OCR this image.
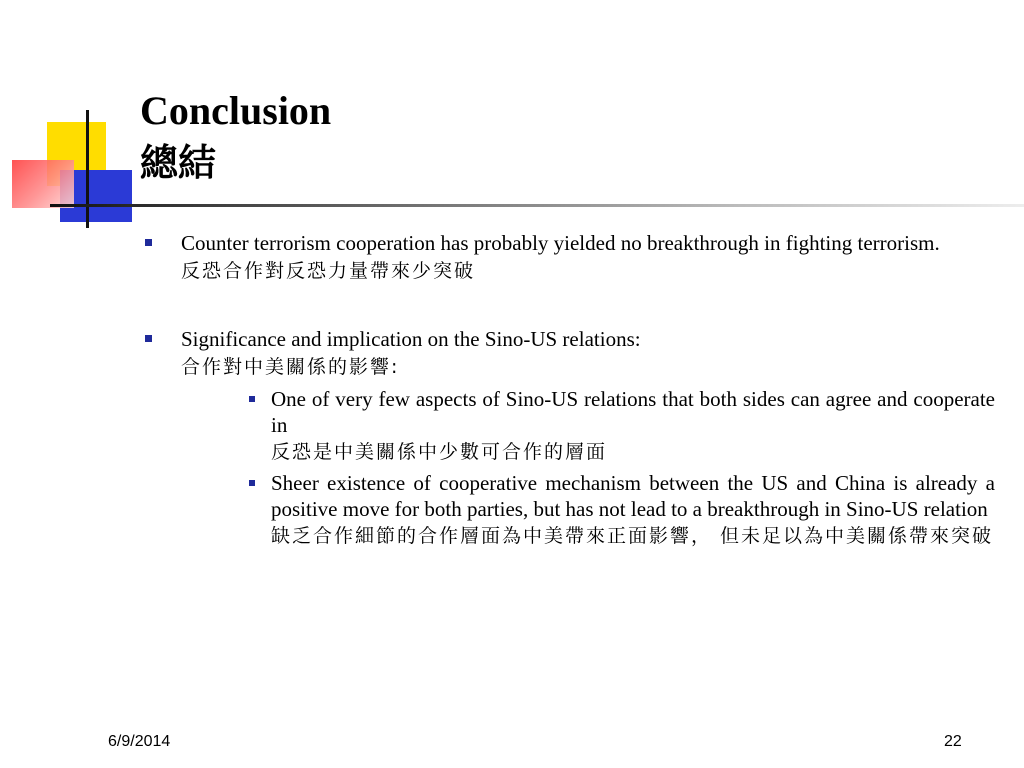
Conclusion
總結
Counter terrorism cooperation has probably yielded no breakthrough in fighting terrorism.
反恐合作對反恐力量帶來少突破
Significance and implication on the Sino-US relations:
合作對中美關係的影響:
One of very few aspects of Sino-US relations that both sides can agree and cooperate in
反恐是中美關係中少數可合作的層面
Sheer existence of cooperative mechanism between the US and China is already a positive move for both parties, but has not lead to a breakthrough in Sino-US relation
缺乏合作細節的合作層面為中美帶來正面影響， 但未足以為中美關係帶來突破
6/9/2014	22
